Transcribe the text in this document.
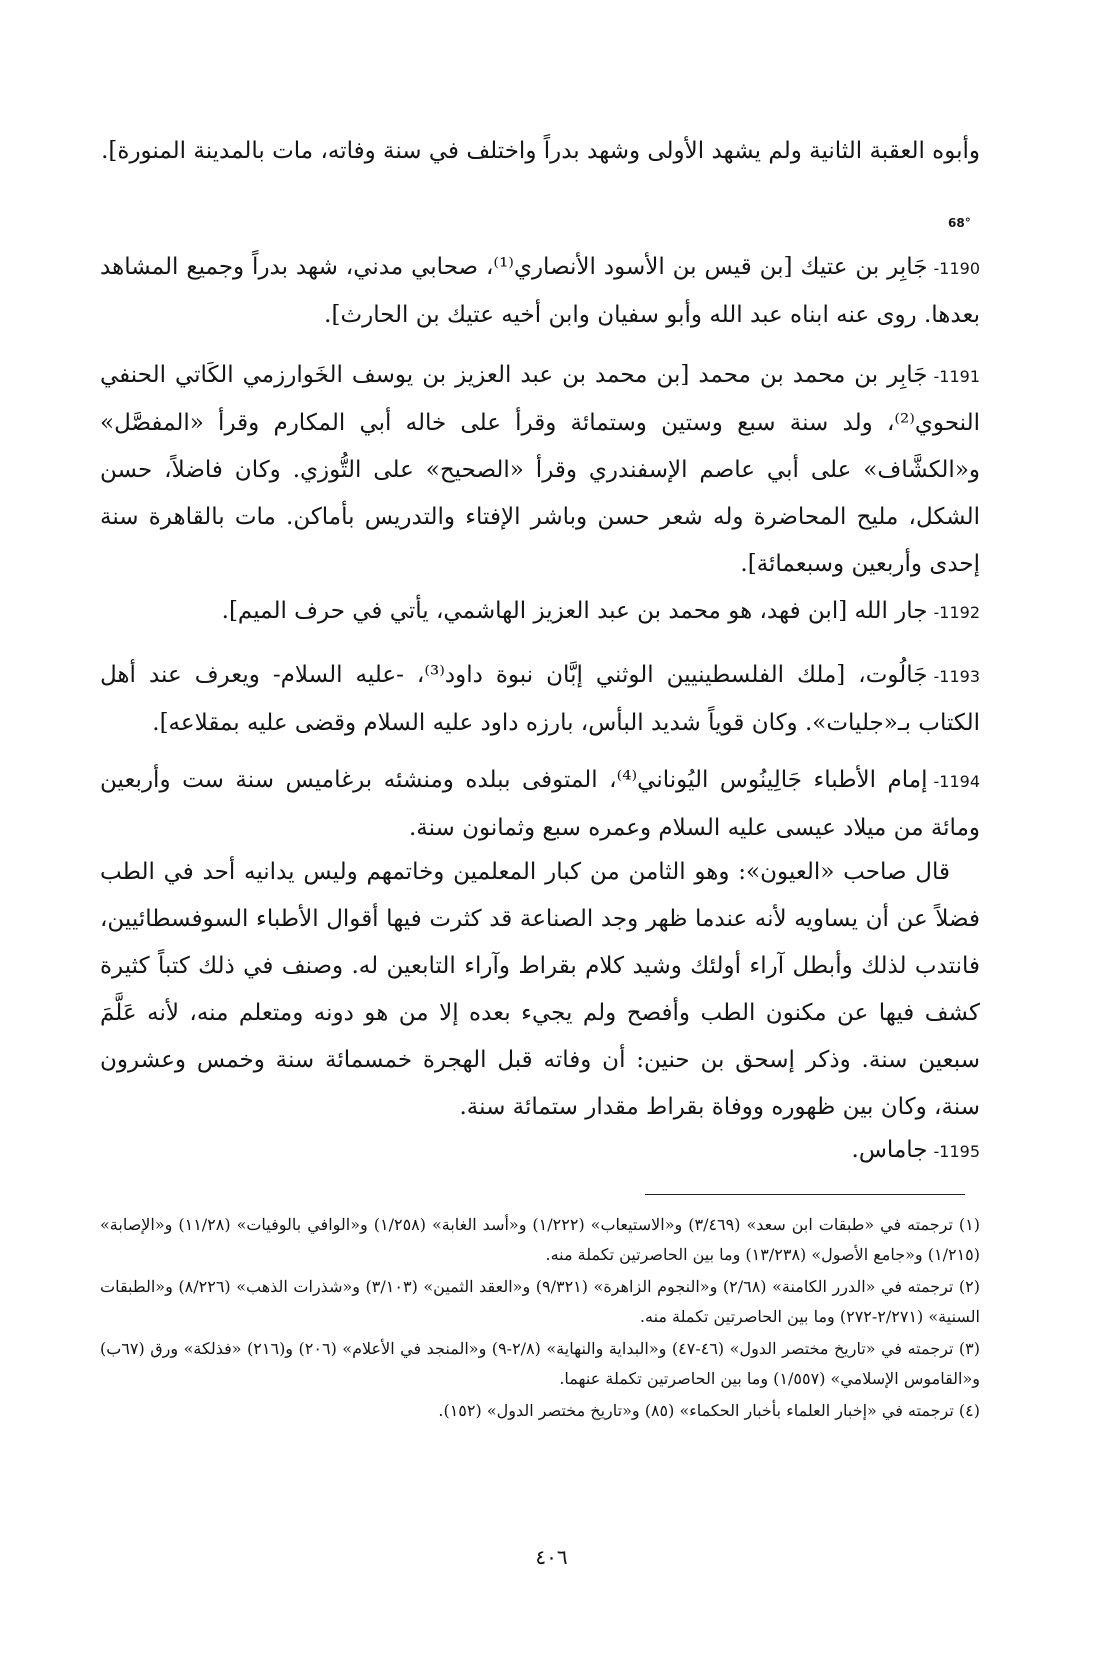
وأبوه العقبة الثانية ولم يشهد الأولى وشهد بدراً واختلف في سنة وفاته، مات بالمدينة المنورة].
68°
1190-جَابِر بن عتيك [بن قيس بن الأسود الأنصاري⁽¹⁾، صحابي مدني، شهد بدراً وجميع المشاهد بعدها. روى عنه ابناه عبد الله وأبو سفيان وابن أخيه عتيك بن الحارث].
1191-جَابِر بن محمد بن محمد [بن محمد بن عبد العزيز بن يوسف الخَوارزمي الكَاتي الحنفي النحوي⁽²⁾، ولد سنة سبع وستين وستمائة وقرأ على خاله أبي المكارم وقرأ «المفصَّل» و«الكشَّاف» على أبي عاصم الإسفندري وقرأ «الصحيح» على التُّوزي. وكان فاضلاً، حسن الشكل، مليح المحاضرة وله شعر حسن وباشر الإفتاء والتدريس بأماكن. مات بالقاهرة سنة إحدى وأربعين وسبعمائة].
1192-جار الله [ابن فهد، هو محمد بن عبد العزيز الهاشمي، يأتي في حرف الميم].
1193-جَالُوت، [ملك الفلسطينيين الوثني إبَّان نبوة داود⁽³⁾، -عليه السلام- ويعرف عند أهل الكتاب بـ«جليات». وكان قوياً شديد البأس، بارزه داود عليه السلام وقضى عليه بمقلاعه].
1194-إمام الأطباء جَالِينُوس اليُوناني⁽⁴⁾، المتوفى ببلده ومنشئه برغاميس سنة ست وأربعين ومائة من ميلاد عيسى عليه السلام وعمره سبع وثمانون سنة.
قال صاحب «العيون»: وهو الثامن من كبار المعلمين وخاتمهم وليس يدانيه أحد في الطب فضلاً عن أن يساويه لأنه عندما ظهر وجد الصناعة قد كثرت فيها أقوال الأطباء السوفسطائيين، فانتدب لذلك وأبطل آراء أولئك وشيد كلام بقراط وآراء التابعين له. وصنف في ذلك كتباً كثيرة كشف فيها عن مكنون الطب وأفصح ولم يجيء بعده إلا من هو دونه ومتعلم منه، لأنه عَلَّمَ سبعين سنة. وذكر إسحق بن حنين: أن وفاته قبل الهجرة خمسمائة سنة وخمس وعشرون سنة، وكان بين ظهوره ووفاة بقراط مقدار ستمائة سنة.
1195-جاماس.

(١) ترجمته في «طبقات ابن سعد» (٣/٤٦٩) و«الاستيعاب» (١/٢٢٢) و«أسد الغابة» (١/٢٥٨) و«الوافي بالوفيات» (١١/٢٨) و«الإصابة» (١/٢١٥) و«جامع الأصول» (١٣/٢٣٨) وما بين الحاصرتين تكملة منه.

(٢) ترجمته في «الدرر الكامنة» (٢/٦٨) و«النجوم الزاهرة» (٩/٣٢١) و«العقد الثمين» (٣/١٠٣) و«شذرات الذهب» (٨/٢٢٦) و«الطبقات السنية» (٢/٢٧١-٢٧٢) وما بين الحاصرتين تكملة منه.

(٣) ترجمته في «تاريخ مختصر الدول» (٤٦-٤٧) و«البداية والنهاية» (٢/٨-٩) و«المنجد في الأعلام» (٢٠٦) و(٢١٦) «فذلكة» ورق (٦٧ب) و«القاموس الإسلامي» (١/٥٥٧) وما بين الحاصرتين تكملة عنهما.

(٤) ترجمته في «إخبار العلماء بأخبار الحكماء» (٨٥) و«تاريخ مختصر الدول» (١٥٢).

٤٠٦
